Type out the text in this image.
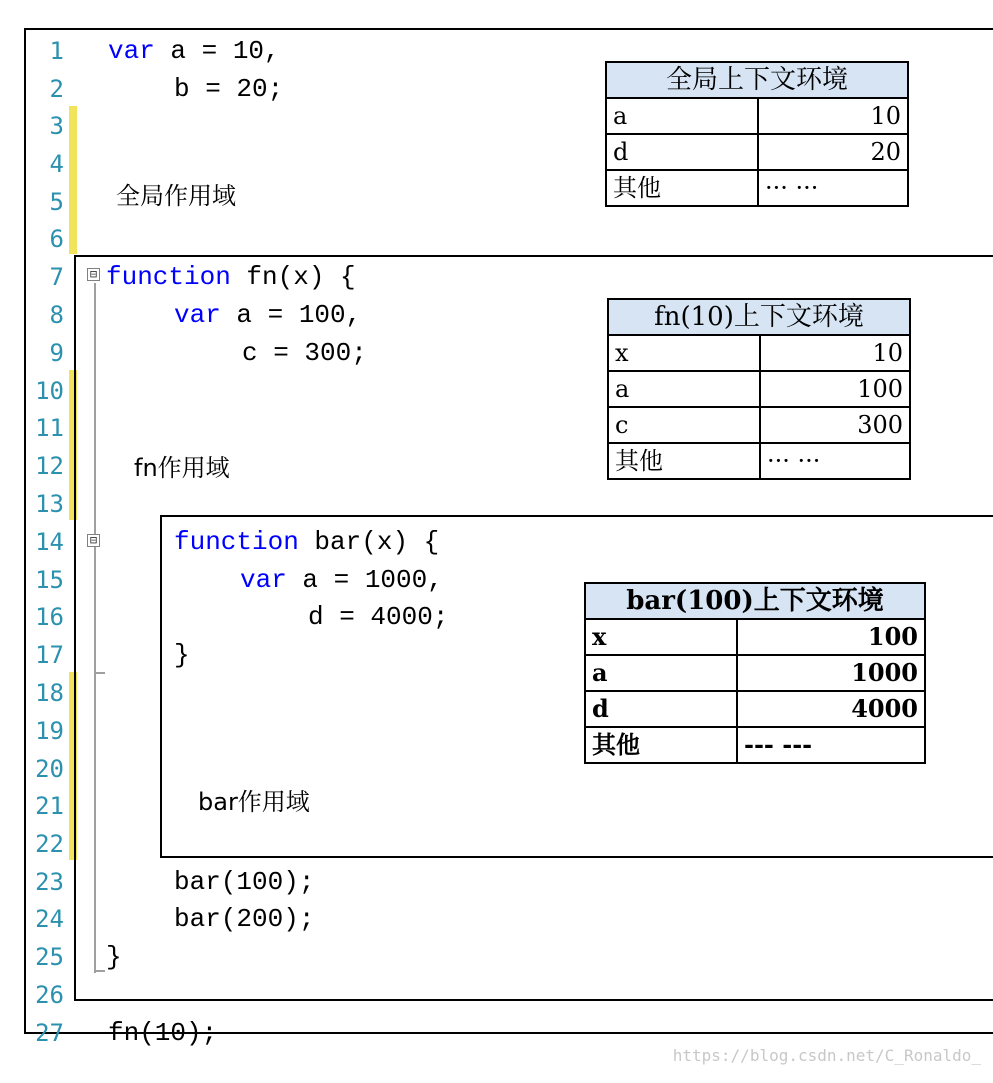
⊟
⊟
1
2
3
4
5
6
7
8
9
10
11
12
13
14
15
16
17
18
19
20
21
22
23
24
25
26
27
var a = 10,
b = 20;
function fn(x) {
var a = 100,
c = 300;
function bar(x) {
var a = 1000,
d = 4000;
}
bar(100);
bar(200);
}
fn(10);
全局作用域
fn作用域
bar作用域
全局上下文环境	
a	10
d	20
其他	··· ···
fn(10)上下文环境	
x	10
a	100
c	300
其他	··· ···
bar(100)上下文环境	
x	100
a	1000
d	4000
其他	--- ---
https://blog.csdn.net/C_Ronaldo_
